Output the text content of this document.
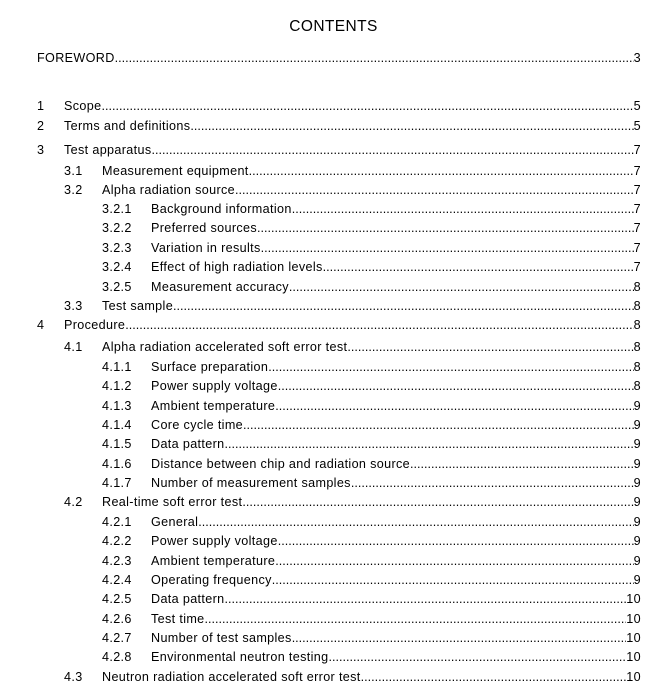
CONTENTS
FOREWORD .....	3
1 Scope .....	5
2 Terms and definitions .....	5
3 Test apparatus .....	7
3.1 Measurement equipment .....	7
3.2 Alpha radiation source .....	7
3.2.1 Background information .....	7
3.2.2 Preferred sources .....	7
3.2.3 Variation in results .....	7
3.2.4 Effect of high radiation levels .....	7
3.2.5 Measurement accuracy .....	8
3.3 Test sample .....	8
4 Procedure .....	8
4.1 Alpha radiation accelerated soft error test .....	8
4.1.1 Surface preparation .....	8
4.1.2 Power supply voltage .....	8
4.1.3 Ambient temperature .....	9
4.1.4 Core cycle time .....	9
4.1.5 Data pattern .....	9
4.1.6 Distance between chip and radiation source .....	9
4.1.7 Number of measurement samples .....	9
4.2 Real-time soft error test .....	9
4.2.1 General .....	9
4.2.2 Power supply voltage .....	9
4.2.3 Ambient temperature .....	9
4.2.4 Operating frequency .....	9
4.2.5 Data pattern .....	10
4.2.6 Test time .....	10
4.2.7 Number of test samples .....	10
4.2.8 Environmental neutron testing .....	10
4.3 Neutron radiation accelerated soft error test .....	10
